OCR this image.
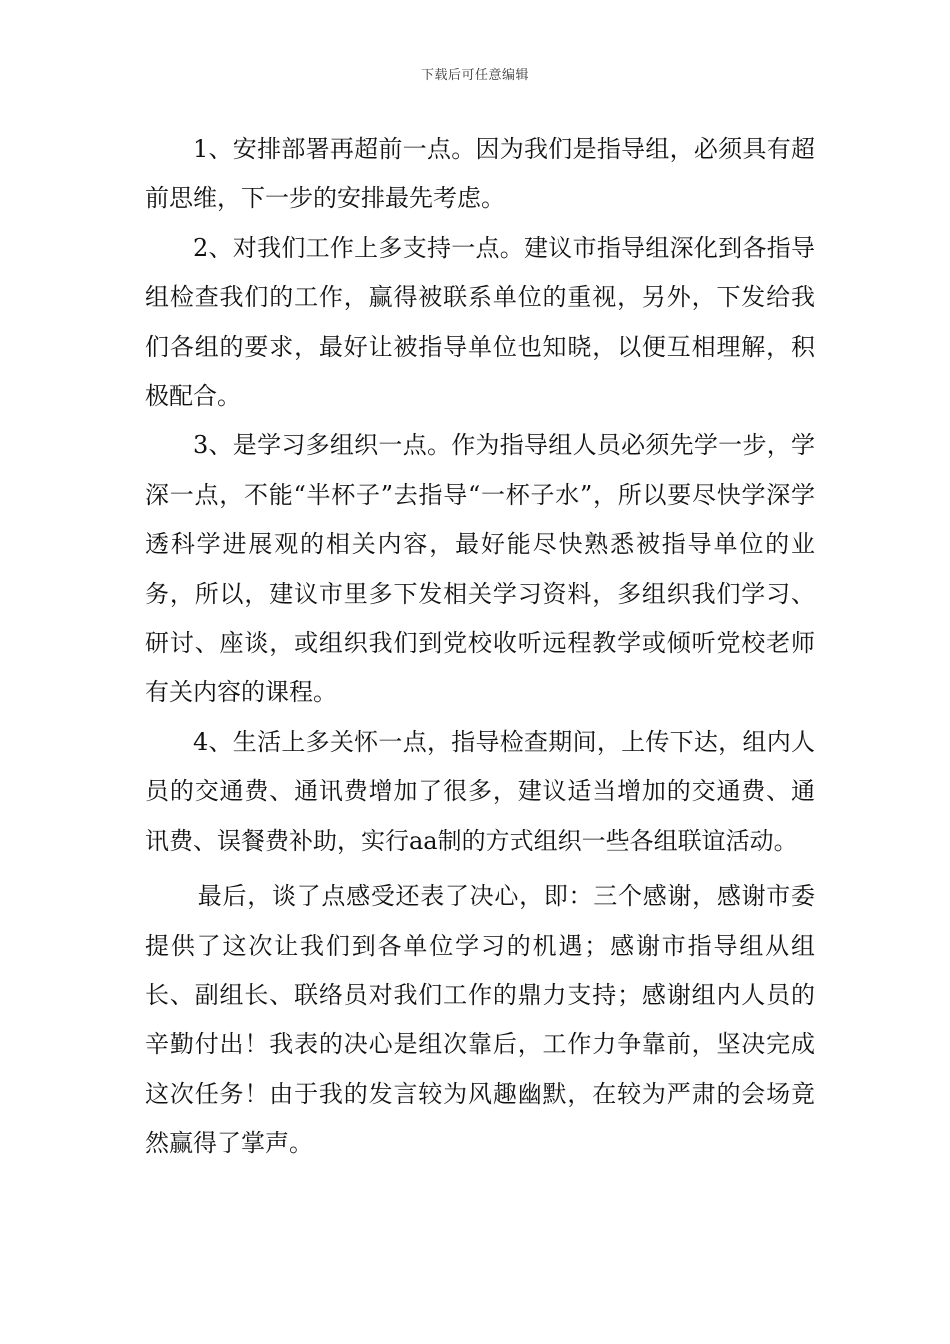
下载后可任意编辑

1、安排部署再超前一点。因为我们是指导组，必须具有超前思维，下一步的安排最先考虑。

2、对我们工作上多支持一点。建议市指导组深化到各指导组检查我们的工作，赢得被联系单位的重视，另外，下发给我们各组的要求，最好让被指导单位也知晓，以便互相理解，积极配合。

3、是学习多组织一点。作为指导组人员必须先学一步，学深一点，不能“半杯子”去指导“一杯子水”，所以要尽快学深学透科学进展观的相关内容，最好能尽快熟悉被指导单位的业务，所以，建议市里多下发相关学习资料，多组织我们学习、研讨、座谈，或组织我们到党校收听远程教学或倾听党校老师有关内容的课程。

4、生活上多关怀一点，指导检查期间，上传下达，组内人员的交通费、通讯费增加了很多，建议适当增加的交通费、通讯费、误餐费补助，实行aa制的方式组织一些各组联谊活动。

最后，谈了点感受还表了决心，即：三个感谢，感谢市委提供了这次让我们到各单位学习的机遇；感谢市指导组从组长、副组长、联络员对我们工作的鼎力支持；感谢组内人员的辛勤付出！我表的决心是组次靠后，工作力争靠前，坚决完成这次任务！由于我的发言较为风趣幽默，在较为严肃的会场竟然赢得了掌声。
